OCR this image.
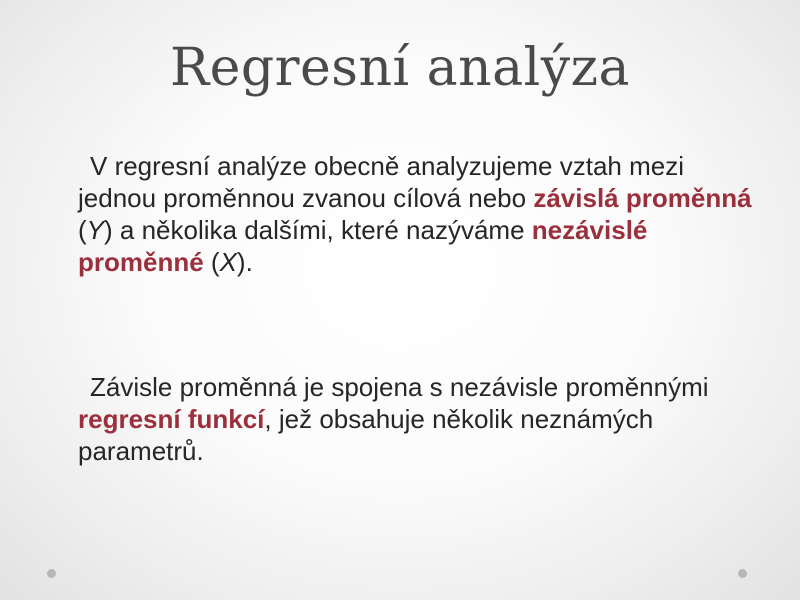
Regresní analýza

V regresní analýze obecně analyzujeme vztah mezi jednou proměnnou zvanou cílová nebo závislá proměnná (Y) a několika dalšími, které nazýváme nezávislé proměnné (X).

Závisle proměnná je spojena s nezávisle proměnnými regresní funkcí, jež obsahuje několik neznámých parametrů.
